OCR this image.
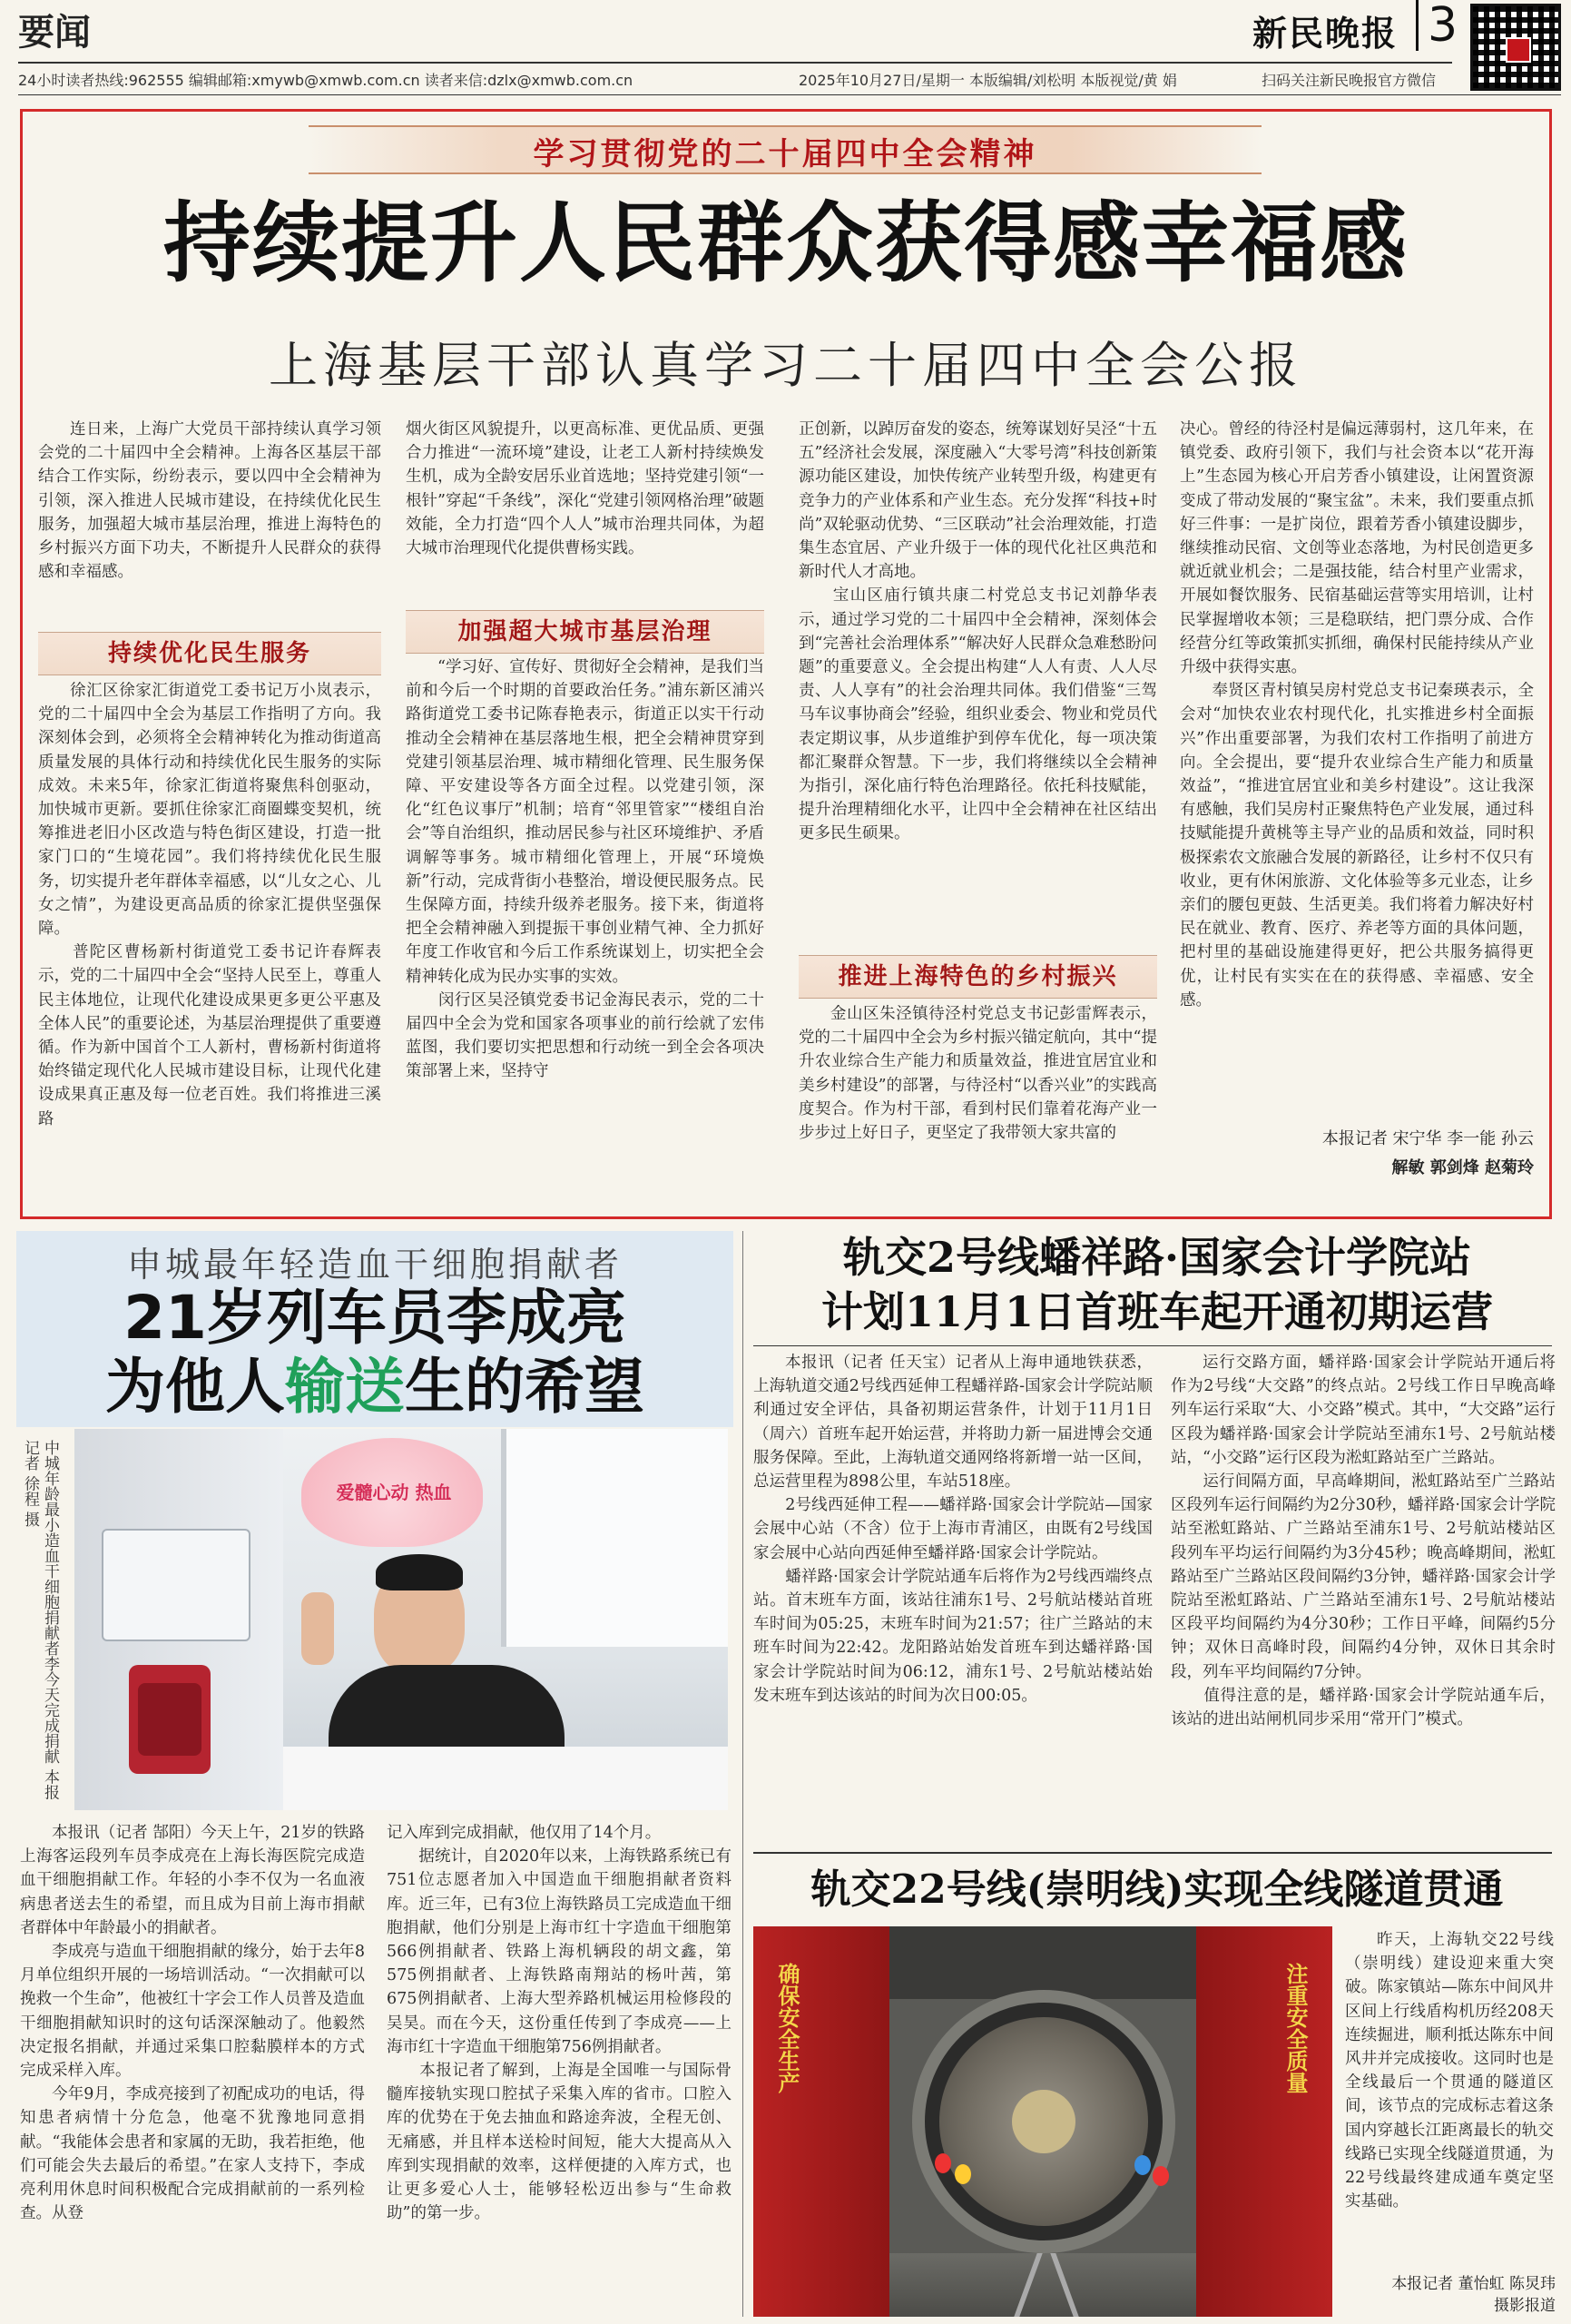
要闻	新民晚报 3
24小时读者热线:962555 编辑邮箱:xmywb@xmwb.com.cn 读者来信:dzlx@xmwb.com.cn	2025年10月27日/星期一 本版编辑/刘松明 本版视觉/黄 娟	扫码关注新民晚报官方微信
学习贯彻党的二十届四中全会精神
持续提升人民群众获得感幸福感
上海基层干部认真学习二十届四中全会公报
连日来，上海广大党员干部持续认真学习领会党的二十届四中全会精神。上海各区基层干部结合工作实际，纷纷表示，要以四中全会精神为引领，深入推进人民城市建设，在持续优化民生服务，加强超大城市基层治理，推进上海特色的乡村振兴方面下功夫，不断提升人民群众的获得感和幸福感。
持续优化民生服务
徐汇区徐家汇街道党工委书记万小岚表示，党的二十届四中全会为基层工作指明了方向。我深刻体会到，必须将全会精神转化为推动街道高质量发展的具体行动和持续优化民生服务的实际成效。未来5年，徐家汇街道将聚焦科创驱动，加快城市更新。要抓住徐家汇商圈蝶变契机，统筹推进老旧小区改造与特色街区建设，打造一批家门口的“生境花园”。我们将持续优化民生服务，切实提升老年群体幸福感，以“儿女之心、儿女之情”，为建设更高品质的徐家汇提供坚强保障。
　　普陀区曹杨新村街道党工委书记许春辉表示，党的二十届四中全会“坚持人民至上，尊重人民主体地位，让现代化建设成果更多更公平惠及全体人民”的重要论述，为基层治理提供了重要遵循。作为新中国首个工人新村，曹杨新村街道将始终锚定现代化人民城市建设目标，让现代化建设成果真正惠及每一位老百姓。我们将推进三溪路
烟火街区风貌提升，以更高标准、更优品质、更强合力推进“一流环境”建设，让老工人新村持续焕发生机，成为全龄安居乐业首选地；坚持党建引领“一根针”穿起“千条线”，深化“党建引领网格治理”破题效能，全力打造“四个人人”城市治理共同体，为超大城市治理现代化提供曹杨实践。
加强超大城市基层治理
“学习好、宣传好、贯彻好全会精神，是我们当前和今后一个时期的首要政治任务。”浦东新区浦兴路街道党工委书记陈春艳表示，街道正以实干行动推动全会精神在基层落地生根，把全会精神贯穿到党建引领基层治理、城市精细化管理、民生服务保障、平安建设等各方面全过程。以党建引领，深化“红色议事厅”机制；培育“邻里管家”“楼组自治会”等自治组织，推动居民参与社区环境维护、矛盾调解等事务。城市精细化管理上，开展“环境焕新”行动，完成背街小巷整治，增设便民服务点。民生保障方面，持续升级养老服务。接下来，街道将把全会精神融入到提振干事创业精气神、全力抓好年度工作收官和今后工作系统谋划上，切实把全会精神转化成为民办实事的实效。
　　闵行区吴泾镇党委书记金海民表示，党的二十届四中全会为党和国家各项事业的前行绘就了宏伟蓝图，我们要切实把思想和行动统一到全会各项决策部署上来，坚持守
正创新，以踔厉奋发的姿态，统筹谋划好吴泾“十五五”经济社会发展，深度融入“大零号湾”科技创新策源功能区建设，加快传统产业转型升级，构建更有竞争力的产业体系和产业生态。充分发挥“科技+时尚”双轮驱动优势、“三区联动”社会治理效能，打造集生态宜居、产业升级于一体的现代化社区典范和新时代人才高地。
　　宝山区庙行镇共康二村党总支书记刘静华表示，通过学习党的二十届四中全会精神，深刻体会到“完善社会治理体系”“解决好人民群众急难愁盼问题”的重要意义。全会提出构建“人人有责、人人尽责、人人享有”的社会治理共同体。我们借鉴“三驾马车议事协商会”经验，组织业委会、物业和党员代表定期议事，从步道维护到停车优化，每一项决策都汇聚群众智慧。下一步，我们将继续以全会精神为指引，深化庙行特色治理路径。依托科技赋能，提升治理精细化水平，让四中全会精神在社区结出更多民生硕果。
推进上海特色的乡村振兴
金山区朱泾镇待泾村党总支书记彭雷辉表示，党的二十届四中全会为乡村振兴锚定航向，其中“提升农业综合生产能力和质量效益，推进宜居宜业和美乡村建设”的部署，与待泾村“以香兴业”的实践高度契合。作为村干部，看到村民们靠着花海产业一步步过上好日子，更坚定了我带领大家共富的
决心。曾经的待泾村是偏远薄弱村，这几年来，在镇党委、政府引领下，我们与社会资本以“花开海上”生态园为核心开启芳香小镇建设，让闲置资源变成了带动发展的“聚宝盆”。未来，我们要重点抓好三件事：一是扩岗位，跟着芳香小镇建设脚步，继续推动民宿、文创等业态落地，为村民创造更多就近就业机会；二是强技能，结合村里产业需求，开展如餐饮服务、民宿基础运营等实用培训，让村民掌握增收本领；三是稳联结，把门票分成、合作经营分红等政策抓实抓细，确保村民能持续从产业升级中获得实惠。
　　奉贤区青村镇吴房村党总支书记秦瑛表示，全会对“加快农业农村现代化，扎实推进乡村全面振兴”作出重要部署，为我们农村工作指明了前进方向。全会提出，要“提升农业综合生产能力和质量效益”，“推进宜居宜业和美乡村建设”。这让我深有感触，我们吴房村正聚焦特色产业发展，通过科技赋能提升黄桃等主导产业的品质和效益，同时积极探索农文旅融合发展的新路径，让乡村不仅只有收业，更有休闲旅游、文化体验等多元业态，让乡亲们的腰包更鼓、生活更美。我们将着力解决好村民在就业、教育、医疗、养老等方面的具体问题，把村里的基础设施建得更好，把公共服务搞得更优，让村民有实实在在的获得感、幸福感、安全感。
本报记者 宋宁华 李一能 孙云
解敏 郭剑烽 赵菊玲
申城最年轻造血干细胞捐献者
21岁列车员李成亮
为他人输送生的希望
爱髓心动 热血
中城年龄最小造血干细胞捐献者李今天完成捐献 本报记者 徐程 摄
本报讯（记者 郜阳）今天上午，21岁的铁路上海客运段列车员李成亮在上海长海医院完成造血干细胞捐献工作。年轻的小李不仅为一名血液病患者送去生的希望，而且成为目前上海市捐献者群体中年龄最小的捐献者。
　　李成亮与造血干细胞捐献的缘分，始于去年8月单位组织开展的一场培训活动。“一次捐献可以挽救一个生命”，他被红十字会工作人员普及造血干细胞捐献知识时的这句话深深触动了。他毅然决定报名捐献，并通过采集口腔黏膜样本的方式完成采样入库。
　　今年9月，李成亮接到了初配成功的电话，得知患者病情十分危急，他毫不犹豫地同意捐献。“我能体会患者和家属的无助，我若拒绝，他们可能会失去最后的希望。”在家人支持下，李成亮利用休息时间积极配合完成捐献前的一系列检查。从登
记入库到完成捐献，他仅用了14个月。
　　据统计，自2020年以来，上海铁路系统已有751位志愿者加入中国造血干细胞捐献者资料库。近三年，已有3位上海铁路员工完成造血干细胞捐献，他们分别是上海市红十字造血干细胞第566例捐献者、铁路上海机辆段的胡文鑫，第575例捐献者、上海铁路南翔站的杨叶茜，第675例捐献者、上海大型养路机械运用检修段的吴昊。而在今天，这份重任传到了李成亮——上海市红十字造血干细胞第756例捐献者。
　　本报记者了解到，上海是全国唯一与国际骨髓库接轨实现口腔拭子采集入库的省市。口腔入库的优势在于免去抽血和路途奔波，全程无创、无痛感，并且样本送检时间短，能大大提高从入库到实现捐献的效率，这样便捷的入库方式，也让更多爱心人士，能够轻松迈出参与“生命救助”的第一步。
轨交2号线蟠祥路·国家会计学院站
计划11月1日首班车起开通初期运营
本报讯（记者 任天宝）记者从上海申通地铁获悉，上海轨道交通2号线西延伸工程蟠祥路-国家会计学院站顺利通过安全评估，具备初期运营条件，计划于11月1日（周六）首班车起开始运营，并将助力新一届进博会交通服务保障。至此，上海轨道交通网络将新增一站一区间，总运营里程为898公里，车站518座。
　　2号线西延伸工程——蟠祥路·国家会计学院站—国家会展中心站（不含）位于上海市青浦区，由既有2号线国家会展中心站向西延伸至蟠祥路·国家会计学院站。
　　蟠祥路·国家会计学院站通车后将作为2号线西端终点站。首末班车方面，该站往浦东1号、2号航站楼站首班车时间为05:25，末班车时间为21:57；往广兰路站的末班车时间为22:42。龙阳路站始发首班车到达蟠祥路·国家会计学院站时间为06:12，浦东1号、2号航站楼站始发末班车到达该站的时间为次日00:05。
运行交路方面，蟠祥路·国家会计学院站开通后将作为2号线“大交路”的终点站。2号线工作日早晚高峰列车运行采取“大、小交路”模式。其中，“大交路”运行区段为蟠祥路·国家会计学院站至浦东1号、2号航站楼站，“小交路”运行区段为淞虹路站至广兰路站。
　　运行间隔方面，早高峰期间，淞虹路站至广兰路站区段列车运行间隔约为2分30秒，蟠祥路·国家会计学院站至淞虹路站、广兰路站至浦东1号、2号航站楼站区段列车平均运行间隔约为3分45秒；晚高峰期间，淞虹路站至广兰路站区段间隔约3分钟，蟠祥路·国家会计学院站至淞虹路站、广兰路站至浦东1号、2号航站楼站区段平均间隔约为4分30秒；工作日平峰，间隔约5分钟；双休日高峰时段，间隔约4分钟，双休日其余时段，列车平均间隔约7分钟。
　　值得注意的是，蟠祥路·国家会计学院站通车后，该站的进出站闸机同步采用“常开门”模式。
轨交22号线(崇明线)实现全线隧道贯通
确保安全生产	注重安全质量
昨天，上海轨交22号线（崇明线）建设迎来重大突破。陈家镇站—陈东中间风井区间上行线盾构机历经208天连续掘进，顺利抵达陈东中间风井并完成接收。这同时也是全线最后一个贯通的隧道区间，该节点的完成标志着这条国内穿越长江距离最长的轨交线路已实现全线隧道贯通，为22号线最终建成通车奠定坚实基础。
本报记者 董怡虹 陈炅玮
摄影报道
